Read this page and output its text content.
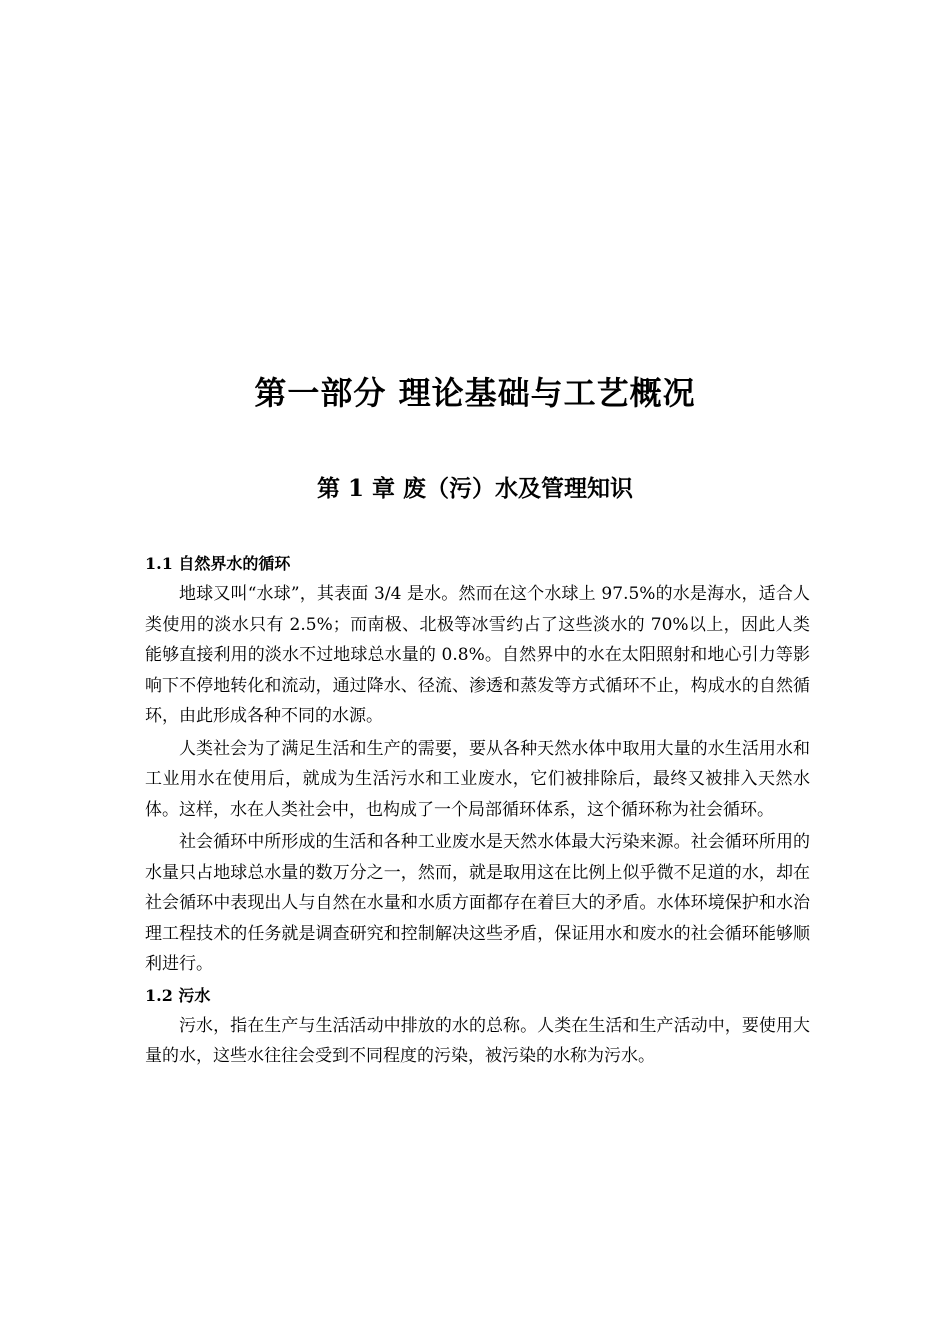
第一部分 理论基础与工艺概况
第 1 章 废（污）水及管理知识
1.1 自然界水的循环

地球又叫“水球”，其表面 3/4 是水。然而在这个水球上 97.5%的水是海水，适合人类使用的淡水只有 2.5%；而南极、北极等冰雪约占了这些淡水的 70%以上，因此人类能够直接利用的淡水不过地球总水量的 0.8%。自然界中的水在太阳照射和地心引力等影响下不停地转化和流动，通过降水、径流、渗透和蒸发等方式循环不止，构成水的自然循环，由此形成各种不同的水源。

人类社会为了满足生活和生产的需要，要从各种天然水体中取用大量的水生活用水和工业用水在使用后，就成为生活污水和工业废水，它们被排除后，最终又被排入天然水体。这样，水在人类社会中，也构成了一个局部循环体系，这个循环称为社会循环。

社会循环中所形成的生活和各种工业废水是天然水体最大污染来源。社会循环所用的水量只占地球总水量的数万分之一，然而，就是取用这在比例上似乎微不足道的水，却在社会循环中表现出人与自然在水量和水质方面都存在着巨大的矛盾。水体环境保护和水治理工程技术的任务就是调查研究和控制解决这些矛盾，保证用水和废水的社会循环能够顺利进行。

1.2 污水

污水，指在生产与生活活动中排放的水的总称。人类在生活和生产活动中，要使用大量的水，这些水往往会受到不同程度的污染，被污染的水称为污水。
